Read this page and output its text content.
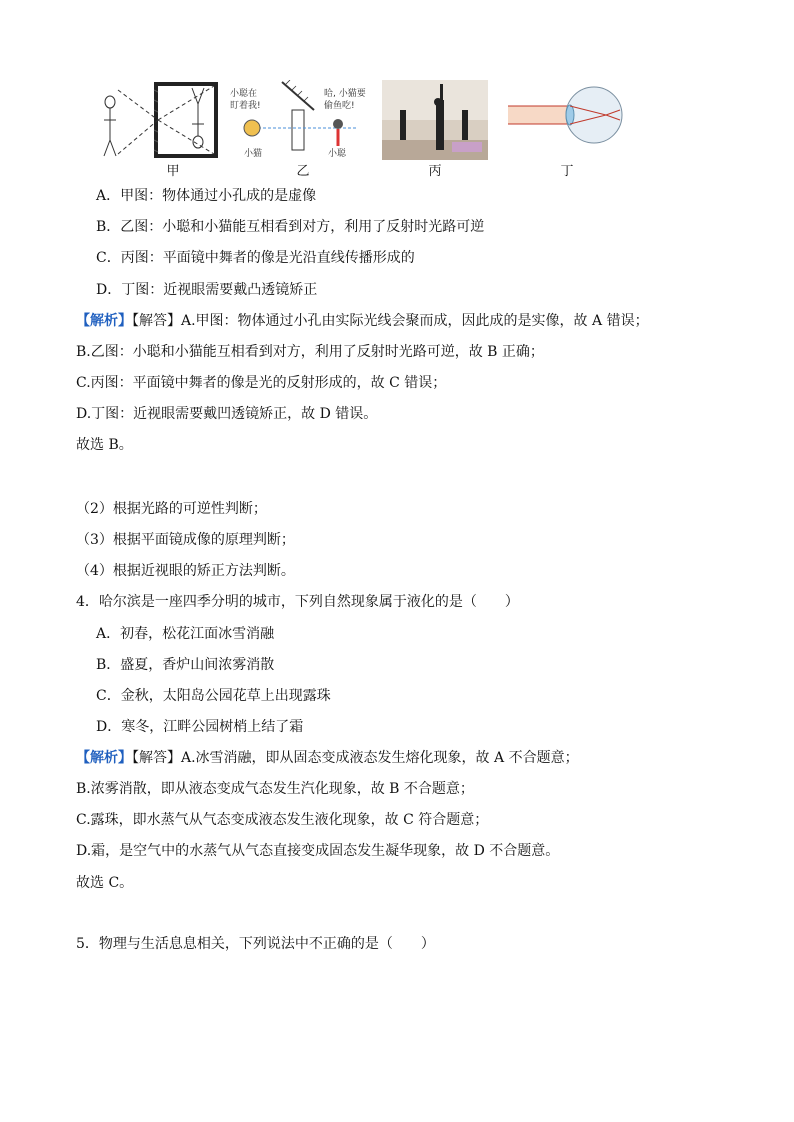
小聪在
盯着我!
哈, 小猫要
偷鱼吃!
小猫	小聪
甲	乙	丙	丁
A．甲图：物体通过小孔成的是虚像
B．乙图：小聪和小猫能互相看到对方，利用了反射时光路可逆
C．丙图：平面镜中舞者的像是光沿直线传播形成的
D．丁图：近视眼需要戴凸透镜矫正
【解析】【解答】A.甲图：物体通过小孔由实际光线会聚而成，因此成的是实像，故 A 错误；
B.乙图：小聪和小猫能互相看到对方，利用了反射时光路可逆，故 B 正确；
C.丙图：平面镜中舞者的像是光的反射形成的，故 C 错误；
D.丁图：近视眼需要戴凹透镜矫正，故 D 错误。
故选 B。
（2）根据光路的可逆性判断；
（3）根据平面镜成像的原理判断；
（4）根据近视眼的矫正方法判断。
4．哈尔滨是一座四季分明的城市，下列自然现象属于液化的是（　　）
A．初春，松花江面冰雪消融
B．盛夏，香炉山间浓雾消散
C．金秋，太阳岛公园花草上出现露珠
D．寒冬，江畔公园树梢上结了霜
【解析】【解答】A.冰雪消融，即从固态变成液态发生熔化现象，故 A 不合题意；
B.浓雾消散，即从液态变成气态发生汽化现象，故 B 不合题意；
C.露珠，即水蒸气从气态变成液态发生液化现象，故 C 符合题意；
D.霜，是空气中的水蒸气从气态直接变成固态发生凝华现象，故 D 不合题意。
故选 C。
5．物理与生活息息相关，下列说法中不正确的是（　　）
